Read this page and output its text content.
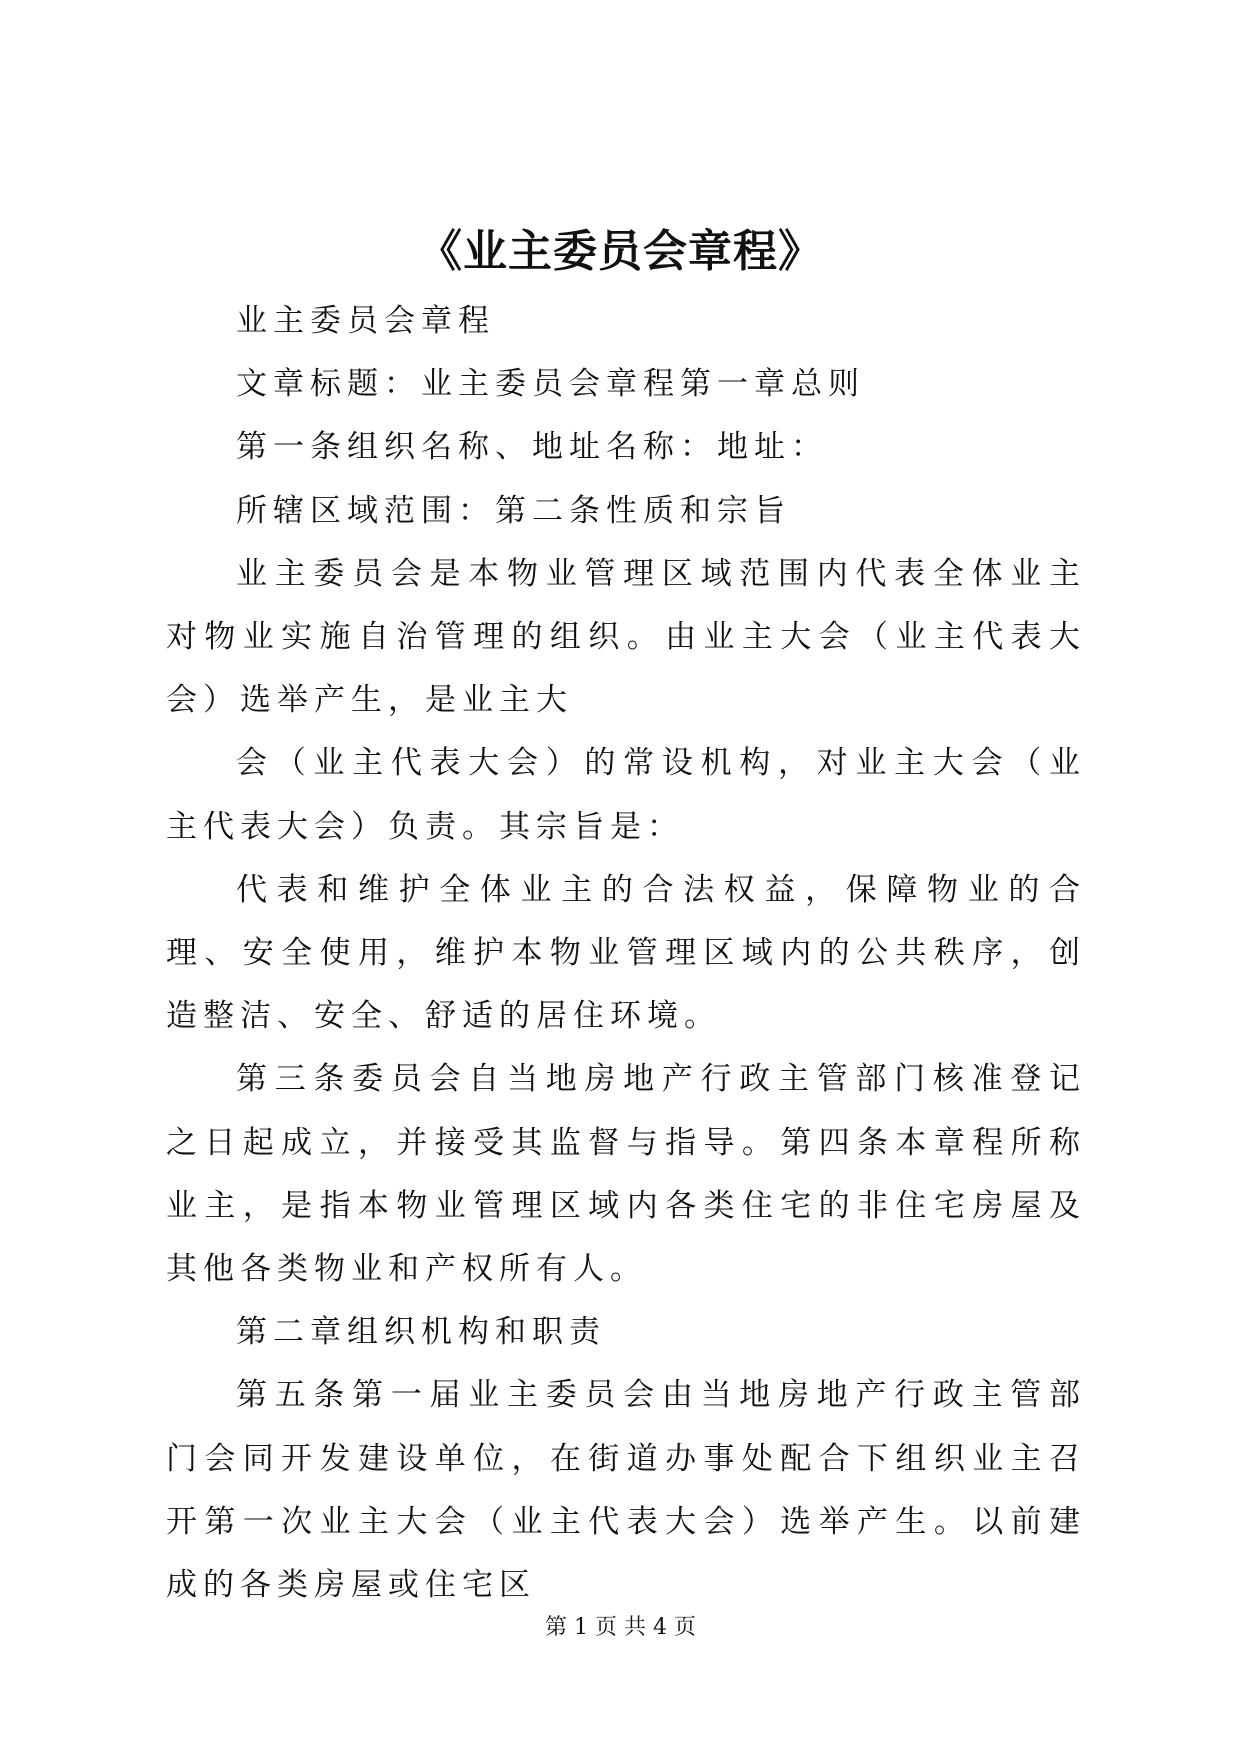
《业主委员会章程》

业主委员会章程

文章标题：业主委员会章程第一章总则

第一条组织名称、地址名称：地址：

所辖区域范围：第二条性质和宗旨

业主委员会是本物业管理区域范围内代表全体业主对物业实施自治管理的组织。由业主大会（业主代表大会）选举产生，是业主大

会（业主代表大会）的常设机构，对业主大会（业主代表大会）负责。其宗旨是：

代表和维护全体业主的合法权益，保障物业的合理、安全使用，维护本物业管理区域内的公共秩序，创造整洁、安全、舒适的居住环境。

第三条委员会自当地房地产行政主管部门核准登记之日起成立，并接受其监督与指导。第四条本章程所称业主，是指本物业管理区域内各类住宅的非住宅房屋及其他各类物业和产权所有人。

第二章组织机构和职责

第五条第一届业主委员会由当地房地产行政主管部门会同开发建设单位，在街道办事处配合下组织业主召开第一次业主大会（业主代表大会）选举产生。以前建成的各类房屋或住宅区

第 1 页 共 4 页
